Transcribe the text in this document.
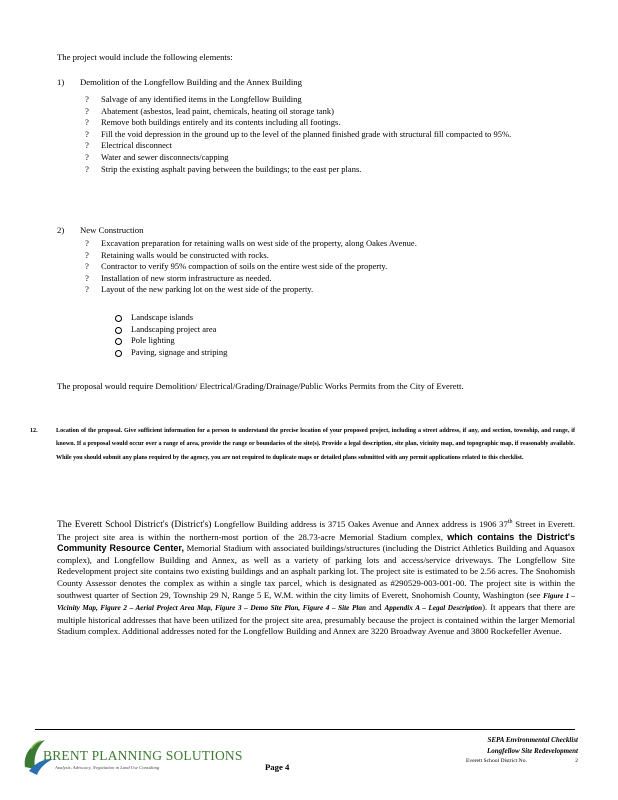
The project would include the following elements:
1)	Demolition of the Longfellow Building and the Annex Building
?	Salvage of any identified items in the Longfellow Building
?	Abatement (asbestos, lead paint, chemicals, heating oil storage tank)
?	Remove both buildings entirely and its contents including all footings.
?	Fill the void depression in the ground up to the level of the planned finished grade with structural fill compacted to 95%.
?	Electrical disconnect
?	Water and sewer disconnects/capping
?	Strip the existing asphalt paving between the buildings; to the east per plans.
2)	New Construction
?	Excavation preparation for retaining walls on west side of the property, along Oakes Avenue.
?	Retaining walls would be constructed with rocks.
?	Contractor to verify 95% compaction of soils on the entire west side of the property.
?	Installation of new storm infrastructure as needed.
?	Layout of the new parking lot on the west side of the property.
Landscape islands
Landscaping project area
Pole lighting
Paving, signage and striping
The proposal would require Demolition/ Electrical/Grading/Drainage/Public Works Permits from the City of Everett.
12.	Location of the proposal. Give sufficient information for a person to understand the precise location of your proposed project, including a street address, if any, and section, township, and range, if known. If a proposal would occur over a range of area, provide the range or boundaries of the site(s). Provide a legal description, site plan, vicinity map, and topographic map, if reasonably available. While you should submit any plans required by the agency, you are not required to duplicate maps or detailed plans submitted with any permit applications related to this checklist.
The Everett School District's (District's) Longfellow Building address is 3715 Oakes Avenue and Annex address is 1906 37th Street in Everett. The project site area is within the northern-most portion of the 28.73-acre Memorial Stadium complex, which contains the District's Community Resource Center, Memorial Stadium with associated buildings/structures (including the District Athletics Building and Aquasox complex), and Longfellow Building and Annex, as well as a variety of parking lots and access/service driveways. The Longfellow Site Redevelopment project site contains two existing buildings and an asphalt parking lot. The project site is estimated to be 2.56 acres. The Snohomish County Assessor denotes the complex as within a single tax parcel, which is designated as #290529-003-001-00. The project site is within the southwest quarter of Section 29, Township 29 N, Range 5 E, W.M. within the city limits of Everett, Snohomish County, Washington (see Figure 1 – Vicinity Map, Figure 2 – Aerial Project Area Map, Figure 3 – Demo Site Plan, Figure 4 – Site Plan and Appendix A – Legal Description). It appears that there are multiple historical addresses that have been utilized for the project site area, presumably because the project is contained within the larger Memorial Stadium complex. Additional addresses noted for the Longfellow Building and Annex are 3220 Broadway Avenue and 3800 Rockefeller Avenue.
BRENT PLANNING SOLUTIONS
Analysis, Advocacy, Negotiation in Land Use Consulting	Page 4
SEPA Environmental Checklist
Longfellow Site Redevelopment
Everett School District No.	2
